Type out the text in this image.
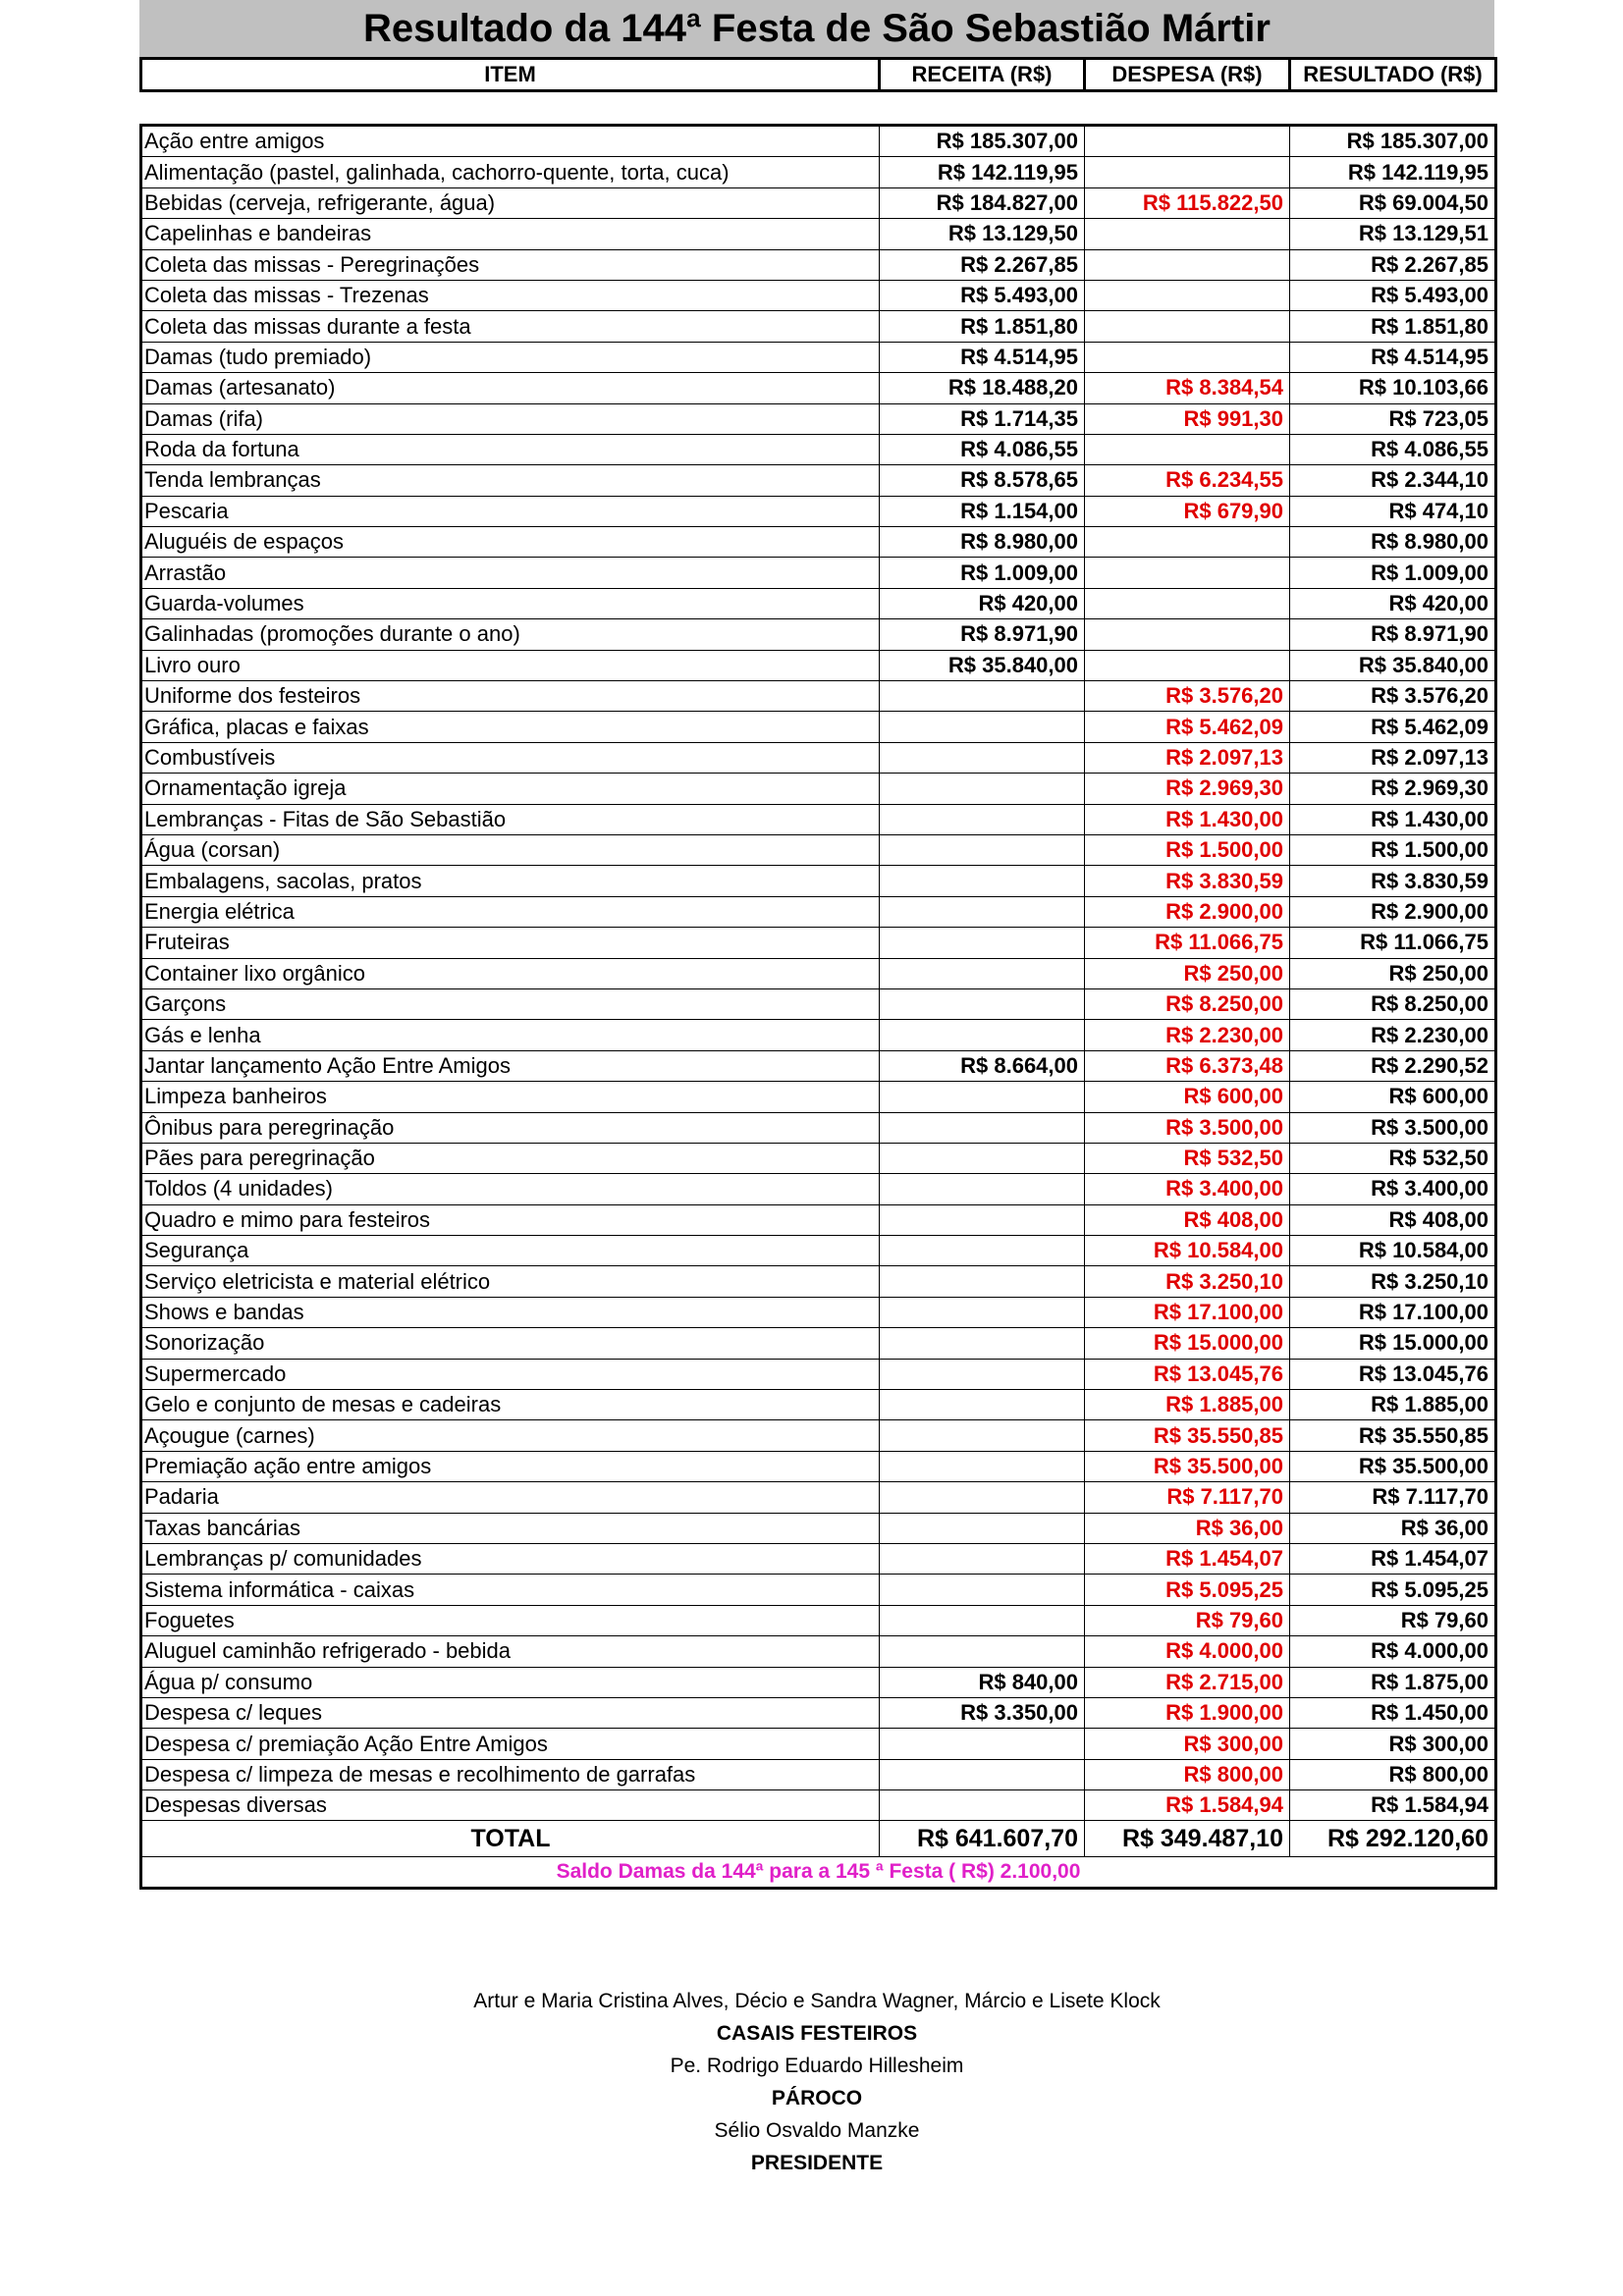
Resultado da 144ª Festa de São Sebastião Mártir
ITEM	RECEITA (R$)	DESPESA (R$)	RESULTADO (R$)
Ação entre amigos	R$ 185.307,00		R$ 185.307,00
Alimentação (pastel, galinhada, cachorro-quente, torta, cuca)	R$ 142.119,95		R$ 142.119,95
Bebidas (cerveja, refrigerante, água)	R$ 184.827,00	R$ 115.822,50	R$ 69.004,50
Capelinhas e bandeiras	R$ 13.129,50		R$ 13.129,51
Coleta das missas - Peregrinações	R$ 2.267,85		R$ 2.267,85
Coleta das missas - Trezenas	R$ 5.493,00		R$ 5.493,00
Coleta das missas durante a festa	R$ 1.851,80		R$ 1.851,80
Damas (tudo premiado)	R$ 4.514,95		R$ 4.514,95
Damas (artesanato)	R$ 18.488,20	R$ 8.384,54	R$ 10.103,66
Damas (rifa)	R$ 1.714,35	R$ 991,30	R$ 723,05
Roda da fortuna	R$ 4.086,55		R$ 4.086,55
Tenda lembranças	R$ 8.578,65	R$ 6.234,55	R$ 2.344,10
Pescaria	R$ 1.154,00	R$ 679,90	R$ 474,10
Aluguéis de espaços	R$ 8.980,00		R$ 8.980,00
Arrastão	R$ 1.009,00		R$ 1.009,00
Guarda-volumes	R$ 420,00		R$ 420,00
Galinhadas (promoções durante o ano)	R$ 8.971,90		R$ 8.971,90
Livro ouro	R$ 35.840,00		R$ 35.840,00
Uniforme dos festeiros		R$ 3.576,20	R$ 3.576,20
Gráfica, placas e faixas		R$ 5.462,09	R$ 5.462,09
Combustíveis		R$ 2.097,13	R$ 2.097,13
Ornamentação igreja		R$ 2.969,30	R$ 2.969,30
Lembranças - Fitas de São Sebastião		R$ 1.430,00	R$ 1.430,00
Água (corsan)		R$ 1.500,00	R$ 1.500,00
Embalagens, sacolas, pratos		R$ 3.830,59	R$ 3.830,59
Energia elétrica		R$ 2.900,00	R$ 2.900,00
Fruteiras		R$ 11.066,75	R$ 11.066,75
Container lixo orgânico		R$ 250,00	R$ 250,00
Garçons		R$ 8.250,00	R$ 8.250,00
Gás e lenha		R$ 2.230,00	R$ 2.230,00
Jantar lançamento Ação Entre Amigos	R$ 8.664,00	R$ 6.373,48	R$ 2.290,52
Limpeza banheiros		R$ 600,00	R$ 600,00
Ônibus para peregrinação		R$ 3.500,00	R$ 3.500,00
Pães para peregrinação		R$ 532,50	R$ 532,50
Toldos (4 unidades)		R$ 3.400,00	R$ 3.400,00
Quadro e mimo para festeiros		R$ 408,00	R$ 408,00
Segurança		R$ 10.584,00	R$ 10.584,00
Serviço eletricista e material elétrico		R$ 3.250,10	R$ 3.250,10
Shows e bandas		R$ 17.100,00	R$ 17.100,00
Sonorização		R$ 15.000,00	R$ 15.000,00
Supermercado		R$ 13.045,76	R$ 13.045,76
Gelo e conjunto de mesas e cadeiras		R$ 1.885,00	R$ 1.885,00
Açougue (carnes)		R$ 35.550,85	R$ 35.550,85
Premiação ação entre amigos		R$ 35.500,00	R$ 35.500,00
Padaria		R$ 7.117,70	R$ 7.117,70
Taxas bancárias		R$ 36,00	R$ 36,00
Lembranças p/ comunidades		R$ 1.454,07	R$ 1.454,07
Sistema informática - caixas		R$ 5.095,25	R$ 5.095,25
Foguetes		R$ 79,60	R$ 79,60
Aluguel caminhão refrigerado - bebida		R$ 4.000,00	R$ 4.000,00
Água p/ consumo	R$ 840,00	R$ 2.715,00	R$ 1.875,00
Despesa c/ leques	R$ 3.350,00	R$ 1.900,00	R$ 1.450,00
Despesa c/ premiação Ação Entre Amigos		R$ 300,00	R$ 300,00
Despesa c/ limpeza de mesas e recolhimento de garrafas		R$ 800,00	R$ 800,00
Despesas diversas		R$ 1.584,94	R$ 1.584,94
TOTAL	R$ 641.607,70	R$ 349.487,10	R$ 292.120,60
Saldo Damas da 144ª para a 145 ª Festa ( R$) 2.100,00			
Artur e Maria Cristina Alves, Décio e Sandra Wagner, Márcio e Lisete Klock
CASAIS FESTEIROS
Pe. Rodrigo Eduardo Hillesheim
PÁROCO
Sélio Osvaldo Manzke
PRESIDENTE
